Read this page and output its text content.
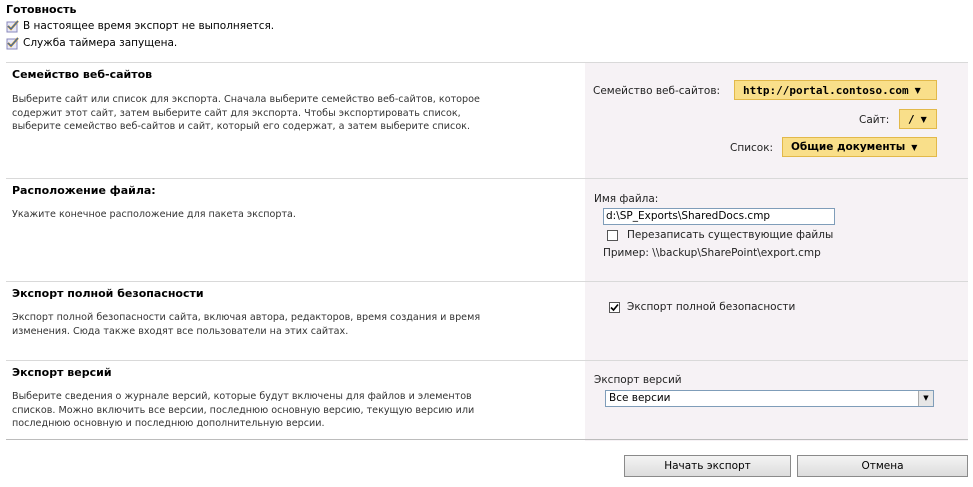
Готовность
В настоящее время экспорт не выполняется.
Служба таймера запущена.
Семейство веб-сайтов
Выберите сайт или список для экспорта. Сначала выберите семейство веб-сайтов, которое содержит этот сайт, затем выберите сайт для экспорта. Чтобы экспортировать список, выберите семейство веб-сайтов и сайт, который его содержат, а затем выберите список.
Семейство веб-сайтов: http://portal.contoso.com ▼
Сайт: / ▼
Список: Общие документы ▼
Расположение файла:
Укажите конечное расположение для пакета экспорта.
Имя файла:
d:\SP_Exports\SharedDocs.cmp
Перезаписать существующие файлы
Пример: \\backup\SharePoint\export.cmp
Экспорт полной безопасности
Экспорт полной безопасности сайта, включая автора, редакторов, время создания и время изменения. Сюда также входят все пользователи на этих сайтах.
Экспорт полной безопасности
Экспорт версий
Выберите сведения о журнале версий, которые будут включены для файлов и элементов списков. Можно включить все версии, последнюю основную версию, текущую версию или последнюю основную и последнюю дополнительную версии.
Экспорт версий
Все версии	▼
Начать экспорт	Отмена
